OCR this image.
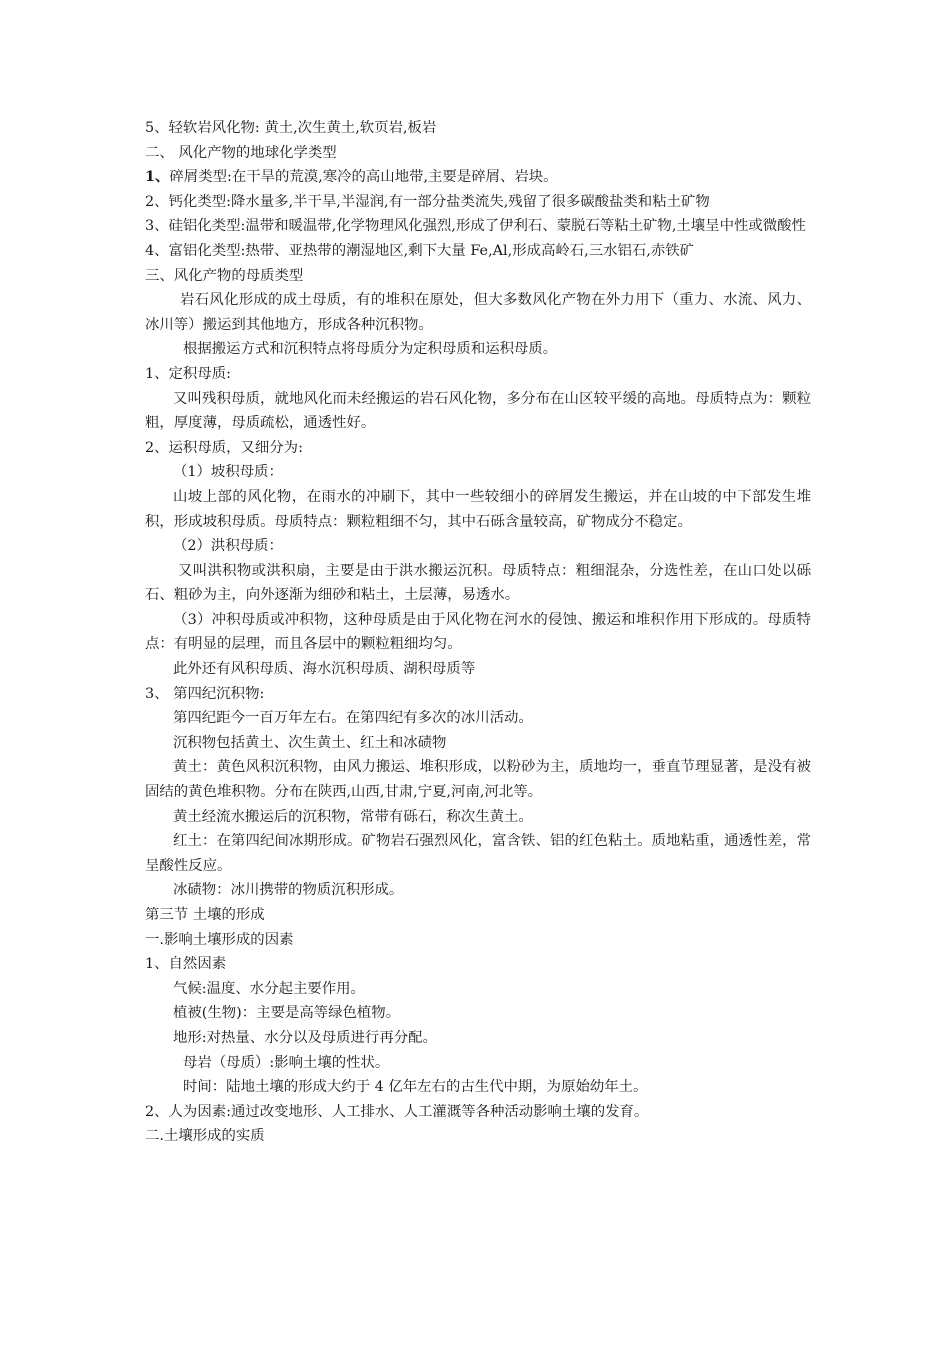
5、轻软岩风化物: 黄土,次生黄土,软页岩,板岩
二、 风化产物的地球化学类型
1、碎屑类型:在干旱的荒漠,寒冷的高山地带,主要是碎屑、岩块。
2、钙化类型:降水量多,半干旱,半湿润,有一部分盐类流失,残留了很多碳酸盐类和粘土矿物
3、硅铝化类型:温带和暖温带,化学物理风化强烈,形成了伊利石、蒙脱石等粘土矿物,土壤呈中性或微酸性
4、富铝化类型:热带、亚热带的潮湿地区,剩下大量 Fe,Al,形成高岭石,三水铝石,赤铁矿
三、风化产物的母质类型
岩石风化形成的成土母质，有的堆积在原处，但大多数风化产物在外力用下（重力、水流、风力、冰川等）搬运到其他地方，形成各种沉积物。
根据搬运方式和沉积特点将母质分为定积母质和运积母质。
1、定积母质:
又叫残积母质，就地风化而未经搬运的岩石风化物，多分布在山区较平缓的高地。母质特点为：颗粒粗，厚度薄，母质疏松，通透性好。
2、运积母质，又细分为:
（1）坡积母质：
山坡上部的风化物，在雨水的冲刷下，其中一些较细小的碎屑发生搬运，并在山坡的中下部发生堆积，形成坡积母质。母质特点：颗粒粗细不匀，其中石砾含量较高，矿物成分不稳定。
（2）洪积母质：
又叫洪积物或洪积扇，主要是由于洪水搬运沉积。母质特点：粗细混杂，分选性差，在山口处以砾石、粗砂为主，向外逐渐为细砂和粘土，土层薄，易透水。
（3）冲积母质或冲积物，这种母质是由于风化物在河水的侵蚀、搬运和堆积作用下形成的。母质特点：有明显的层理，而且各层中的颗粒粗细均匀。
此外还有风积母质、海水沉积母质、湖积母质等
3、 第四纪沉积物:
第四纪距今一百万年左右。在第四纪有多次的冰川活动。
沉积物包括黄土、次生黄土、红土和冰碛物
黄土：黄色风积沉积物，由风力搬运、堆积形成，以粉砂为主，质地均一，垂直节理显著，是没有被固结的黄色堆积物。分布在陕西,山西,甘肃,宁夏,河南,河北等。
黄土经流水搬运后的沉积物，常带有砾石，称次生黄土。
红土：在第四纪间冰期形成。矿物岩石强烈风化，富含铁、铝的红色粘土。质地粘重，通透性差，常呈酸性反应。
冰碛物：冰川携带的物质沉积形成。
第三节 土壤的形成
一.影响土壤形成的因素
1、自然因素
气候:温度、水分起主要作用。
植被(生物)：主要是高等绿色植物。
地形:对热量、水分以及母质进行再分配。
母岩（母质）:影响土壤的性状。
时间：陆地土壤的形成大约于 4 亿年左右的古生代中期，为原始幼年土。
2、人为因素:通过改变地形、人工排水、人工灌溉等各种活动影响土壤的发育。
二.土壤形成的实质
